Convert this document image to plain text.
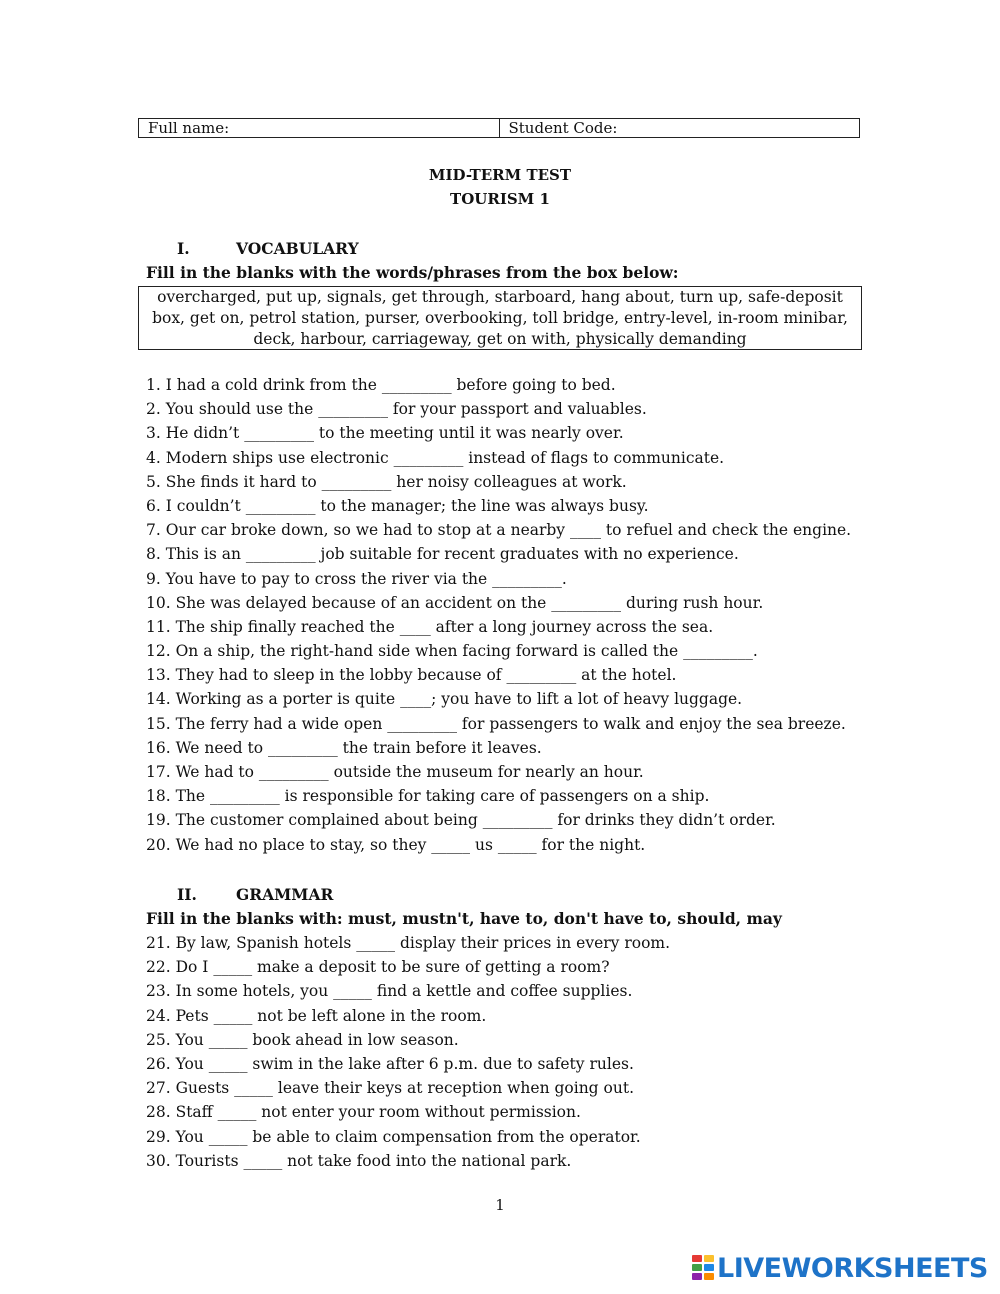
Full name:	Student Code:
MID-TERM TEST
TOURISM 1
I.	VOCABULARY
Fill in the blanks with the words/phrases from the box below:
overcharged, put up, signals, get through, starboard, hang about, turn up, safe-deposit box, get on, petrol station, purser, overbooking, toll bridge, entry-level, in-room minibar, deck, harbour, carriageway, get on with, physically demanding
1. I had a cold drink from the _________ before going to bed.
2. You should use the _________ for your passport and valuables.
3. He didn’t _________ to the meeting until it was nearly over.
4. Modern ships use electronic _________ instead of flags to communicate.
5. She finds it hard to _________ her noisy colleagues at work.
6. I couldn’t _________ to the manager; the line was always busy.
7. Our car broke down, so we had to stop at a nearby ____ to refuel and check the engine.
8. This is an _________ job suitable for recent graduates with no experience.
9. You have to pay to cross the river via the _________.
10. She was delayed because of an accident on the _________ during rush hour.
11. The ship finally reached the ____ after a long journey across the sea.
12. On a ship, the right-hand side when facing forward is called the _________.
13. They had to sleep in the lobby because of _________ at the hotel.
14. Working as a porter is quite ____; you have to lift a lot of heavy luggage.
15. The ferry had a wide open _________ for passengers to walk and enjoy the sea breeze.
16. We need to _________ the train before it leaves.
17. We had to _________ outside the museum for nearly an hour.
18. The _________ is responsible for taking care of passengers on a ship.
19. The customer complained about being _________ for drinks they didn’t order.
20. We had no place to stay, so they _____ us _____ for the night.
II.	GRAMMAR
Fill in the blanks with: must, mustn't, have to, don't have to, should, may
21. By law, Spanish hotels _____ display their prices in every room.
22. Do I _____ make a deposit to be sure of getting a room?
23. In some hotels, you _____ find a kettle and coffee supplies.
24. Pets _____ not be left alone in the room.
25. You _____ book ahead in low season.
26. You _____ swim in the lake after 6 p.m. due to safety rules.
27. Guests _____ leave their keys at reception when going out.
28. Staff _____ not enter your room without permission.
29. You _____ be able to claim compensation from the operator.
30. Tourists _____ not take food into the national park.
1
LIVEWORKSHEETS
